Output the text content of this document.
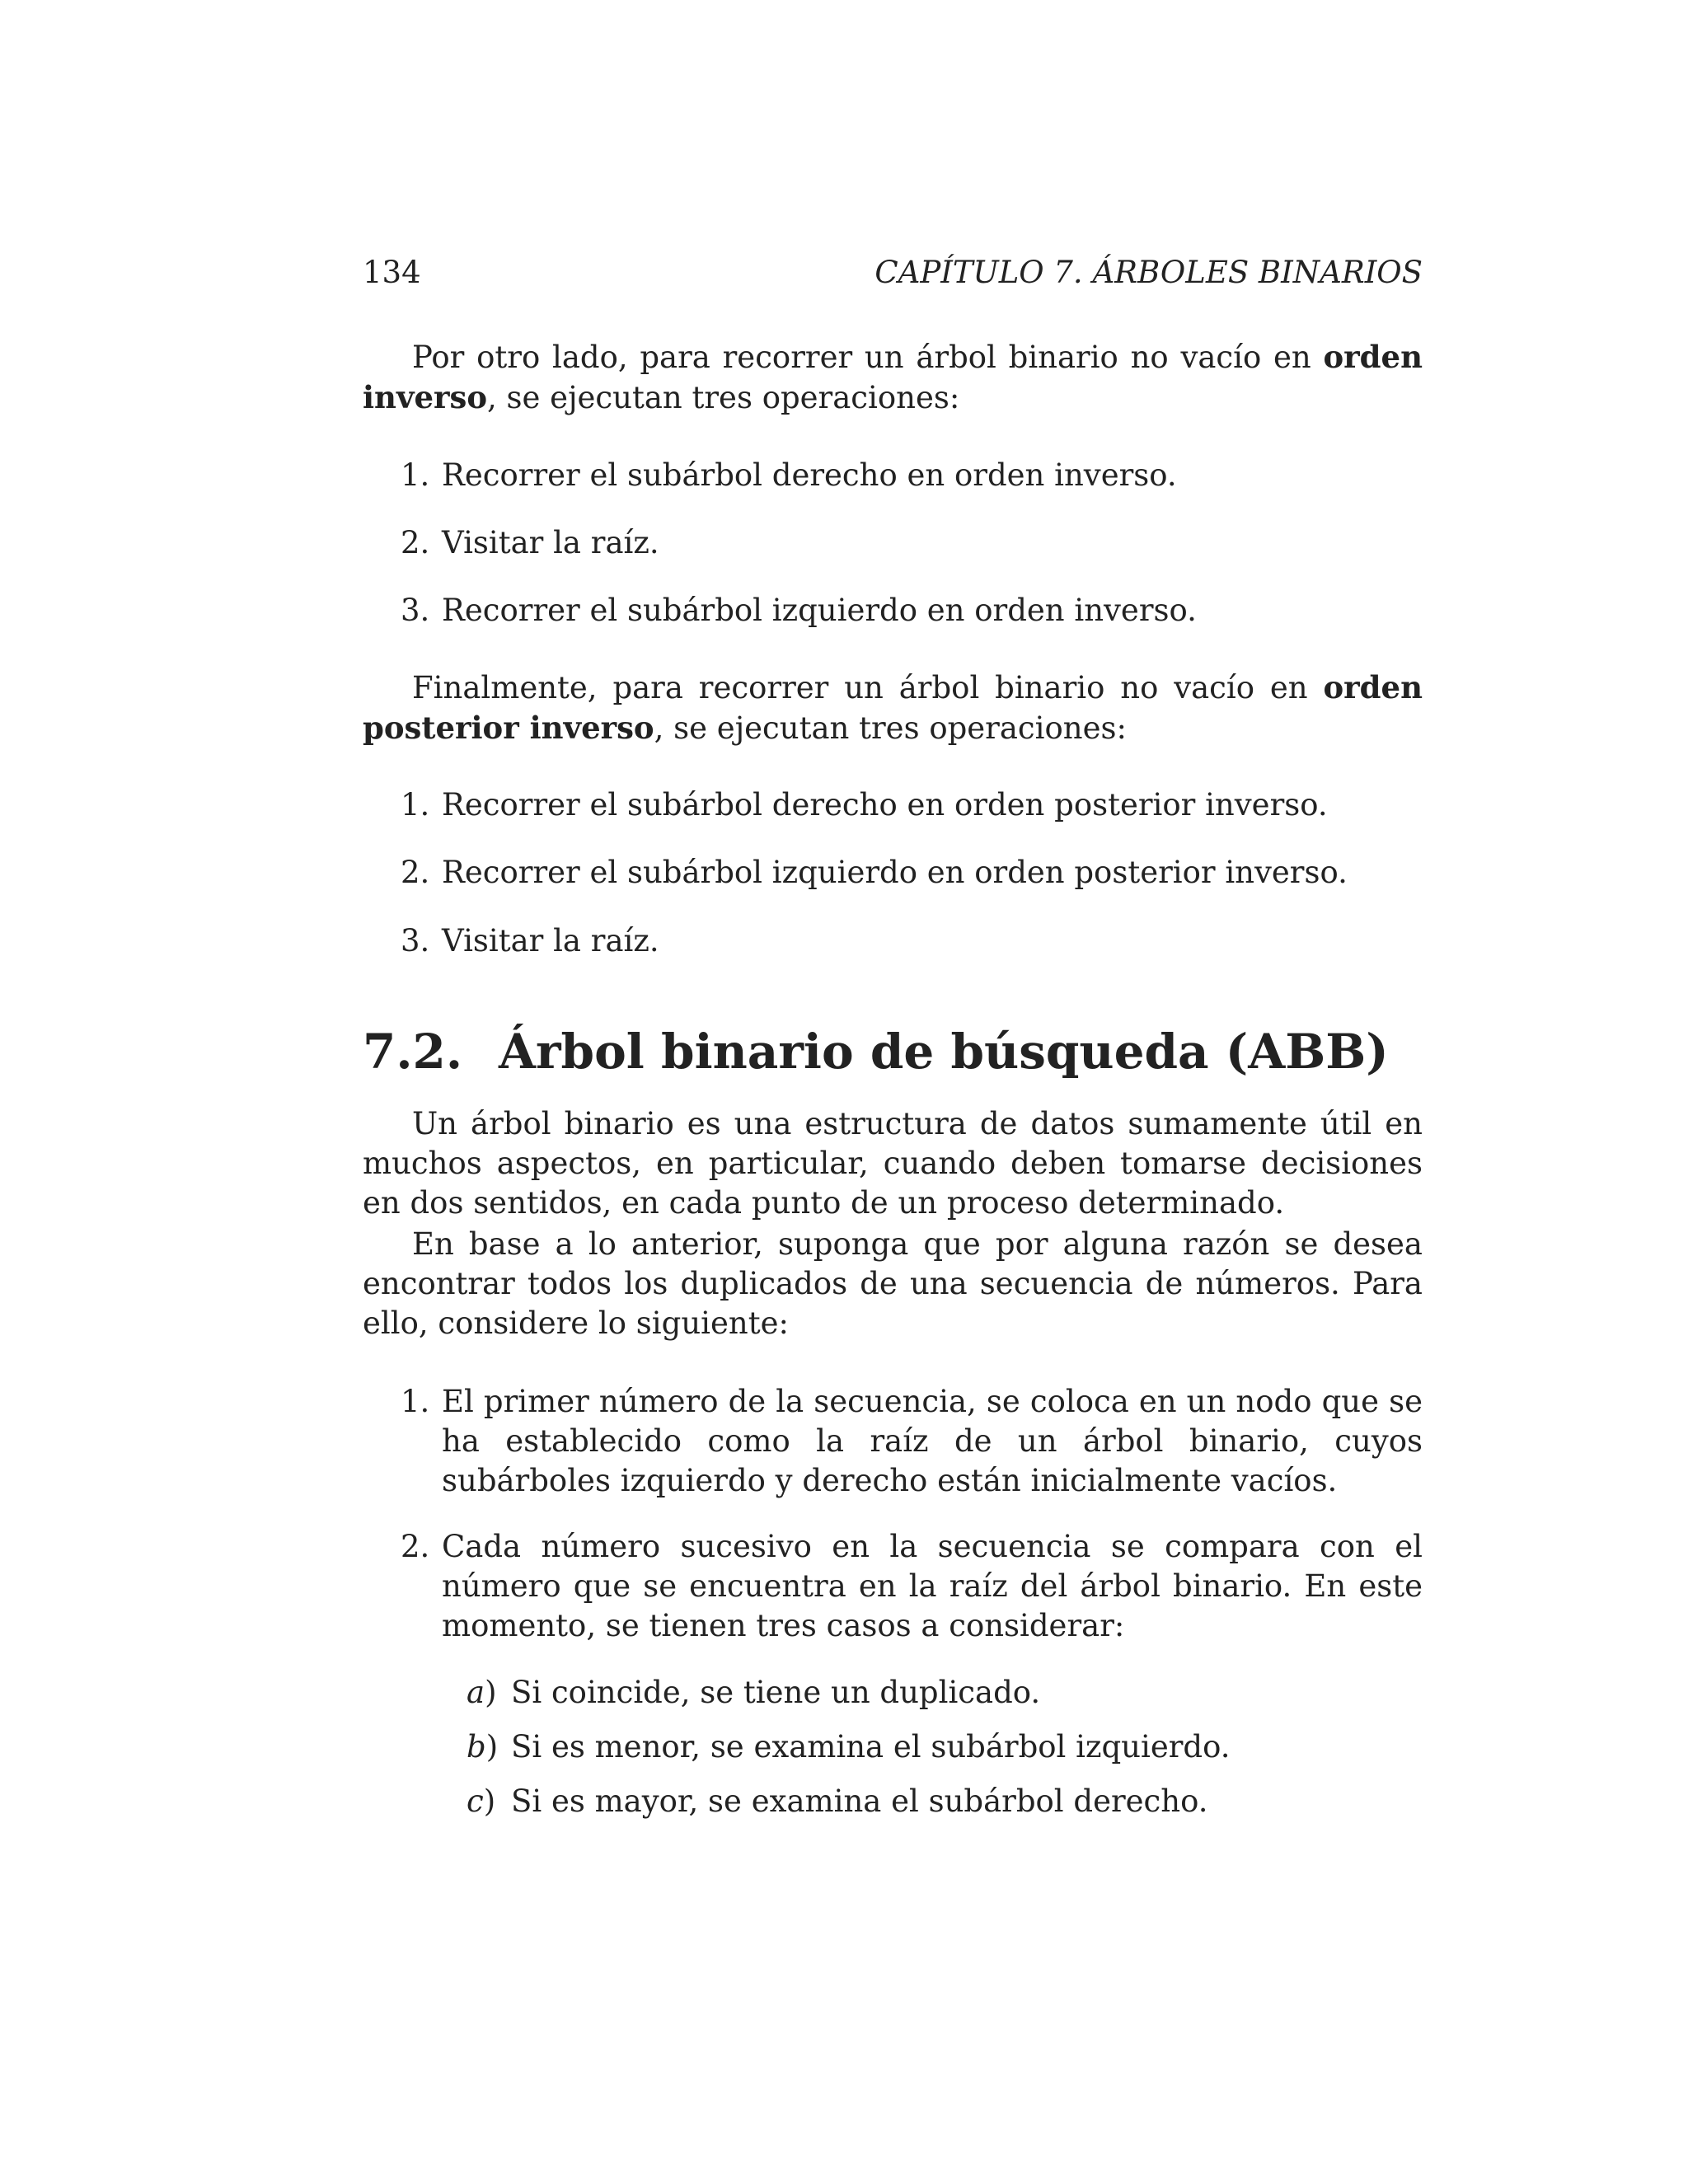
134	CAPÍTULO 7. ÁRBOLES BINARIOS

Por otro lado, para recorrer un árbol binario no vacío en orden inverso, se ejecutan tres operaciones:

1. Recorrer el subárbol derecho en orden inverso.
2. Visitar la raíz.
3. Recorrer el subárbol izquierdo en orden inverso.

Finalmente, para recorrer un árbol binario no vacío en orden posterior inverso, se ejecutan tres operaciones:

1. Recorrer el subárbol derecho en orden posterior inverso.
2. Recorrer el subárbol izquierdo en orden posterior inverso.
3. Visitar la raíz.
7.2. Árbol binario de búsqueda (ABB)

Un árbol binario es una estructura de datos sumamente útil en muchos aspectos, en particular, cuando deben tomarse decisiones en dos sentidos, en cada punto de un proceso determinado.

En base a lo anterior, suponga que por alguna razón se desea encontrar todos los duplicados de una secuencia de números. Para ello, considere lo siguiente:

1. El primer número de la secuencia, se coloca en un nodo que se ha establecido como la raíz de un árbol binario, cuyos subárboles izquierdo y derecho están inicialmente vacíos.
2. Cada número sucesivo en la secuencia se compara con el número que se encuentra en la raíz del árbol binario. En este momento, se tienen tres casos a considerar:
a) Si coincide, se tiene un duplicado.
b) Si es menor, se examina el subárbol izquierdo.
c) Si es mayor, se examina el subárbol derecho.
